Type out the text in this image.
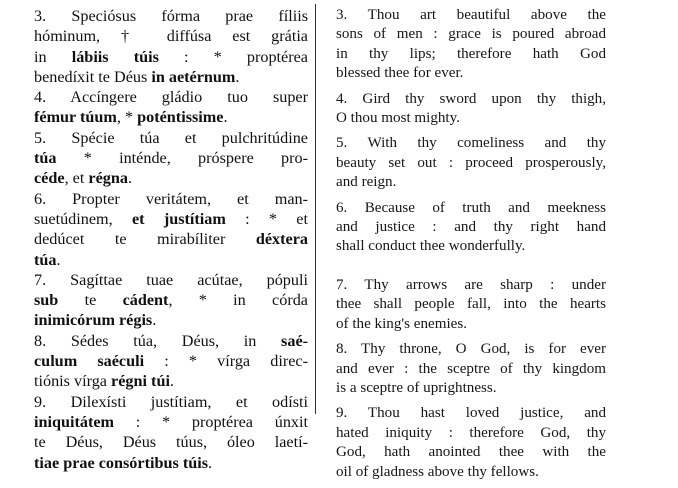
3. Speciósus fórma prae fíliis
hóminum, † diffúsa est grátia
in lábiis túis : * proptérea
benedíxit te Déus in aetérnum.
4. Accíngere gládio tuo super
fémur túum, * poténtissime.
5. Spécie túa et pulchritúdine
túa * inténde, próspere pro-
céde, et régna.
6. Propter veritátem, et man-
suetúdinem, et justítiam : * et
dedúcet te mirabíliter déxtera
túa.
7. Sagíttae tuae acútae, pópuli
sub te cádent, * in córda
inimicórum régis.
8. Sédes túa, Déus, in saé-
culum saéculi : * vírga direc-
tiónis vírga régni túi.
9. Dilexísti justítiam, et odísti
iniquitátem : * proptérea únxit
te Déus, Déus túus, óleo laetí-
tiae prae consórtibus túis.
3. Thou art beautiful above the
sons of men : grace is poured abroad
in thy lips; therefore hath God
blessed thee for ever.
4. Gird thy sword upon thy thigh,
O thou most mighty.
5. With thy comeliness and thy
beauty set out : proceed prosperously,
and reign.
6. Because of truth and meekness
and justice : and thy right hand
shall conduct thee wonderfully.
7. Thy arrows are sharp : under
thee shall people fall, into the hearts
of the king's enemies.
8. Thy throne, O God, is for ever
and ever : the sceptre of thy kingdom
is a sceptre of uprightness.
9. Thou hast loved justice, and
hated iniquity : therefore God, thy
God, hath anointed thee with the
oil of gladness above thy fellows.
